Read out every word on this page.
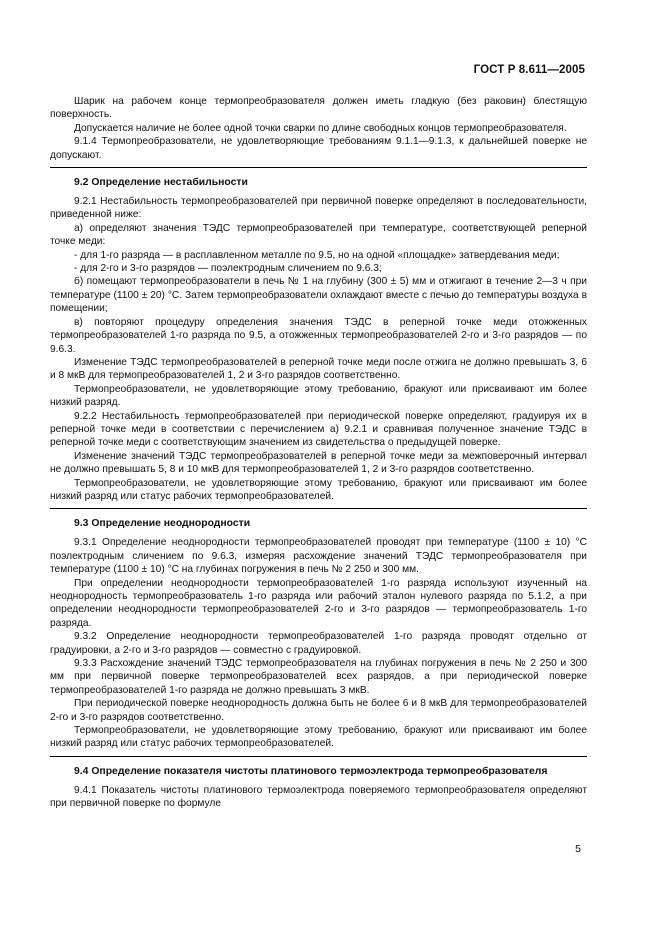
ГОСТ Р 8.611—2005

Шарик на рабочем конце термопреобразователя должен иметь гладкую (без раковин) блестящую поверхность.

Допускается наличие не более одной точки сварки по длине свободных концов термопреобразователя.

9.1.4 Термопреобразователи, не удовлетворяющие требованиям 9.1.1—9.1.3, к дальнейшей поверке не допускают.

9.2 Определение нестабильности

9.2.1 Нестабильность термопреобразователей при первичной поверке определяют в последовательности, приведенной ниже:

а) определяют значения ТЭДС термопреобразователей при температуре, соответствующей реперной точке меди:

- для 1-го разряда — в расплавленном металле по 9.5, но на одной «площадке» затвердевания меди;

- для 2-го и 3-го разрядов — поэлектродным сличением по 9.6.3;

б) помещают термопреобразователи в печь № 1 на глубину (300 ± 5) мм и отжигают в течение 2—3 ч при температуре (1100 ± 20) °С. Затем термопреобразователи охлаждают вместе с печью до температуры воздуха в помещении;

в) повторяют процедуру определения значения ТЭДС в реперной точке меди отожженных термопреобразователей 1-го разряда по 9.5, а отожженных термопреобразователей 2-го и 3-го разрядов — по 9.6.3.

Изменение ТЭДС термопреобразователей в реперной точке меди после отжига не должно превышать 3, 6 и 8 мкВ для термопреобразователей 1, 2 и 3-го разрядов соответственно.

Термопреобразователи, не удовлетворяющие этому требованию, бракуют или присваивают им более низкий разряд.

9.2.2 Нестабильность термопреобразователей при периодической поверке определяют, градуируя их в реперной точке меди в соответствии с перечислением а) 9.2.1 и сравнивая полученное значение ТЭДС в реперной точке меди с соответствующим значением из свидетельства о предыдущей поверке.

Изменение значений ТЭДС термопреобразователей в реперной точке меди за межповерочный интервал не должно превышать 5, 8 и 10 мкВ для термопреобразователей 1, 2 и 3-го разрядов соответственно.

Термопреобразователи, не удовлетворяющие этому требованию, бракуют или присваивают им более низкий разряд или статус рабочих термопреобразователей.

9.3 Определение неоднородности

9.3.1 Определение неоднородности термопреобразователей проводят при температуре (1100 ± 10) °С поэлектродным сличением по 9.6.3, измеряя расхождение значений ТЭДС термопреобразователя при температуре (1100 ± 10) °С на глубинах погружения в печь № 2 250 и 300 мм.

При определении неоднородности термопреобразователей 1-го разряда используют изученный на неоднородность термопреобразователь 1-го разряда или рабочий эталон нулевого разряда по 5.1.2, а при определении неоднородности термопреобразователей 2-го и 3-го разрядов — термопреобразователь 1-го разряда.

9.3.2 Определение неоднородности термопреобразователей 1-го разряда проводят отдельно от градуировки, а 2-го и 3-го разрядов — совместно с градуировкой.

9.3.3 Расхождение значений ТЭДС термопреобразователя на глубинах погружения в печь № 2 250 и 300 мм при первичной поверке термопреобразователей всех разрядов, а при периодической поверке термопреобразователей 1-го разряда не должно превышать 3 мкВ.

При периодической поверке неоднородность должна быть не более 6 и 8 мкВ для термопреобразователей 2-го и 3-го разрядов соответственно.

Термопреобразователи, не удовлетворяющие этому требованию, бракуют или присваивают им более низкий разряд или статус рабочих термопреобразователей.

9.4 Определение показателя чистоты платинового термоэлектрода термопреобразователя

9.4.1 Показатель чистоты платинового термоэлектрода поверяемого термопреобразователя определяют при первичной поверке по формуле

5
